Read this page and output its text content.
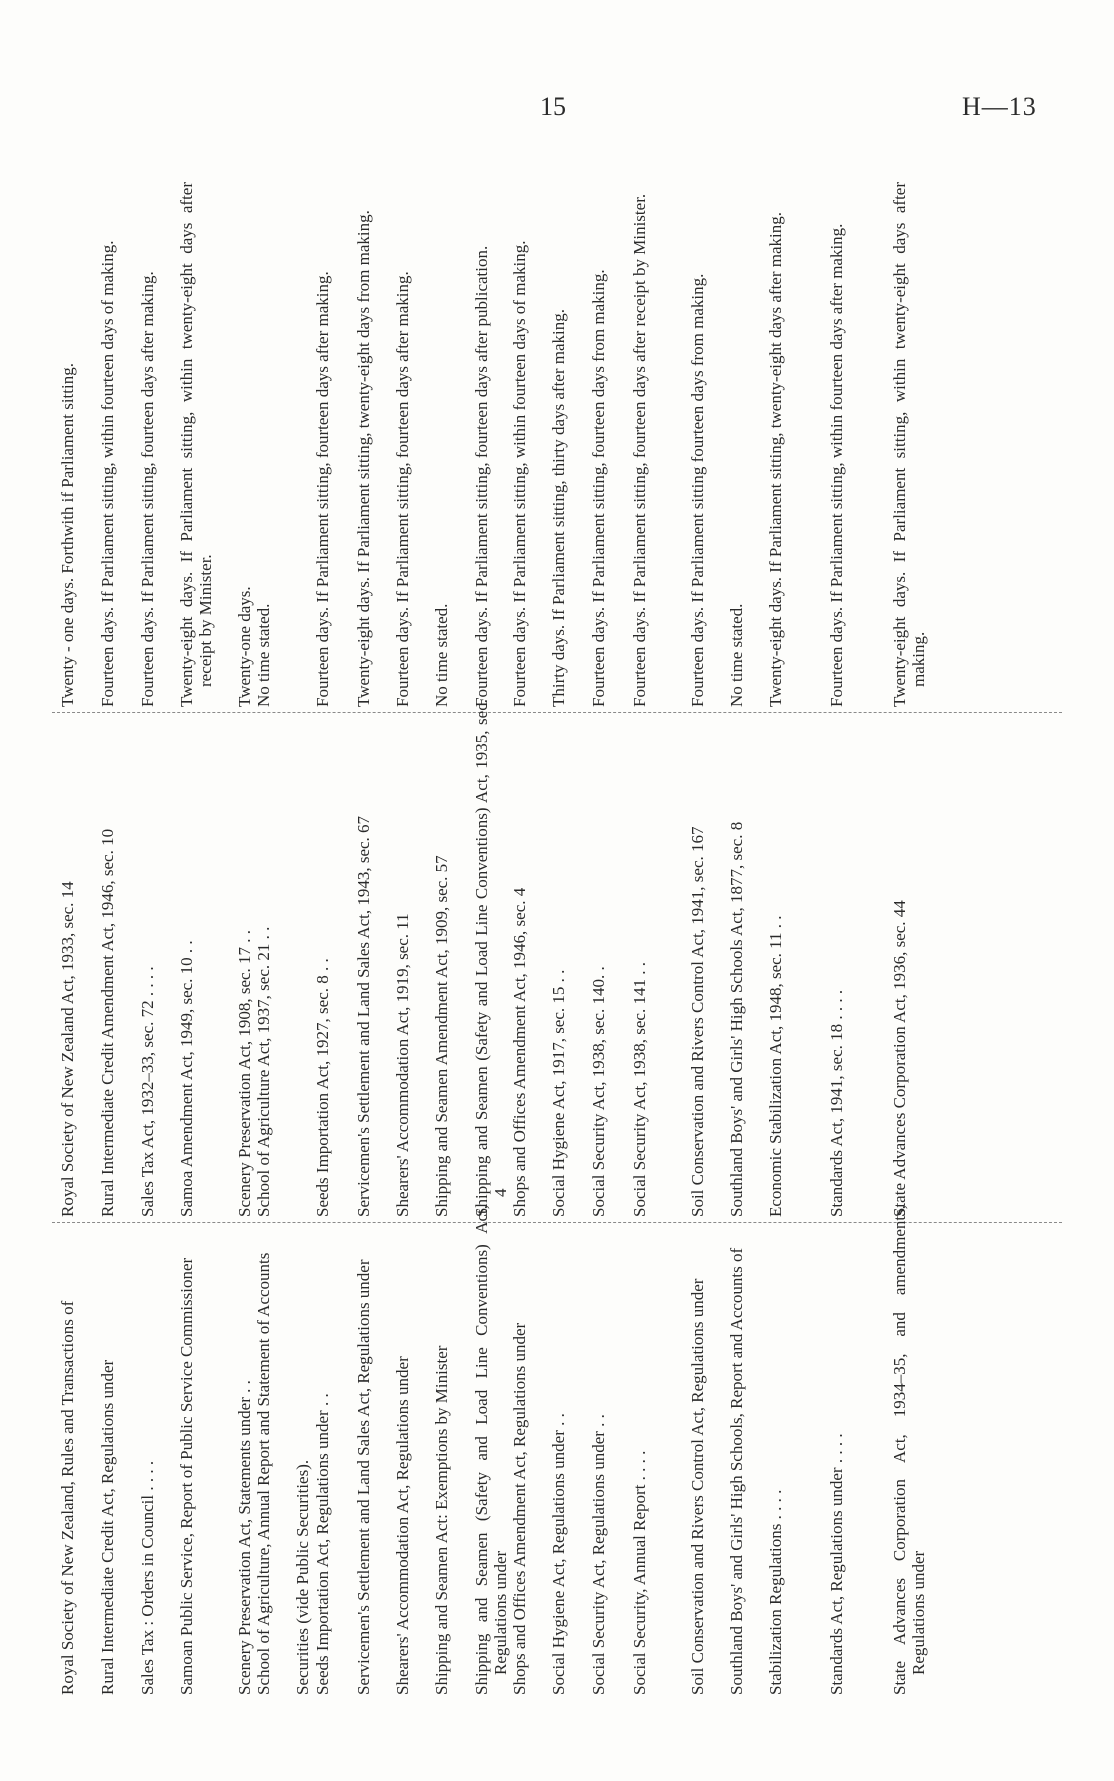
15	H—13
Royal Society of New Zealand, Rules and Transactions of
Royal Society of New Zealand Act, 1933, sec. 14
Twenty - one days. Forthwith if Parliament sitting.
Rural Intermediate Credit Act, Regulations under
Rural Intermediate Credit Amendment Act, 1946, sec. 10
Fourteen days. If Parliament sitting, within fourteen days of making.
Sales Tax : Orders in Council . . . .
Sales Tax Act, 1932–33, sec. 72 . . . .
Fourteen days. If Parliament sitting, fourteen days after making.
Samoan Public Service, Report of Public Service Commissioner
Samoa Amendment Act, 1949, sec. 10 . .
Twenty-eight days. If Parliament sitting, within twenty-eight days after receipt by Minister.
Scenery Preservation Act, Statements under . .
Scenery Preservation Act, 1908, sec. 17 . .
Twenty-one days.
School of Agriculture, Annual Report and Statement of Accounts
School of Agriculture Act, 1937, sec. 21 . .
No time stated.
Securities (vide Public Securities). Seeds Importation Act, Regulations under . .
Seeds Importation Act, 1927, sec. 8 . .
Fourteen days. If Parliament sitting, fourteen days after making.
Servicemen's Settlement and Land Sales Act, Regulations under
Servicemen's Settlement and Land Sales Act, 1943, sec. 67
Twenty-eight days. If Parliament sitting, twenty-eight days from making.
Shearers' Accommodation Act, Regulations under
Shearers' Accommodation Act, 1919, sec. 11
Fourteen days. If Parliament sitting, fourteen days after making.
Shipping and Seamen Act: Exemptions by Minister
Shipping and Seamen Amendment Act, 1909, sec. 57
No time stated.
Shipping and Seamen (Safety and Load Line Conventions) Act, Regulations under
Shipping and Seamen (Safety and Load Line Conventions) Act, 1935, sec. 4
Fourteen days. If Parliament sitting, fourteen days after publication.
Shops and Offices Amendment Act, Regulations under
Shops and Offices Amendment Act, 1946, sec. 4
Fourteen days. If Parliament sitting, within fourteen days of making.
Social Hygiene Act, Regulations under . .
Social Hygiene Act, 1917, sec. 15 . .
Thirty days. If Parliament sitting, thirty days after making.
Social Security Act, Regulations under . .
Social Security Act, 1938, sec. 140. .
Fourteen days. If Parliament sitting, fourteen days from making.
Social Security, Annual Report . . . .
Social Security Act, 1938, sec. 141 . .
Fourteen days. If Parliament sitting, fourteen days after receipt by Minister.
Soil Conservation and Rivers Control Act, Regulations under
Soil Conservation and Rivers Control Act, 1941, sec. 167
Fourteen days. If Parliament sitting fourteen days from making.
Southland Boys' and Girls' High Schools, Report and Accounts of
Southland Boys' and Girls' High Schools Act, 1877, sec. 8
No time stated.
Stabilization Regulations . . . .
Economic Stabilization Act, 1948, sec. 11 . .
Twenty-eight days. If Parliament sitting, twenty-eight days after making.
Standards Act, Regulations under . . . .
Standards Act, 1941, sec. 18 . . . .
Fourteen days. If Parliament sitting, within fourteen days after making.
State Advances Corporation Act, 1934–35, and amendments, Regulations under
State Advances Corporation Act, 1936, sec. 44
Twenty-eight days. If Parliament sitting, within twenty-eight days after making.
